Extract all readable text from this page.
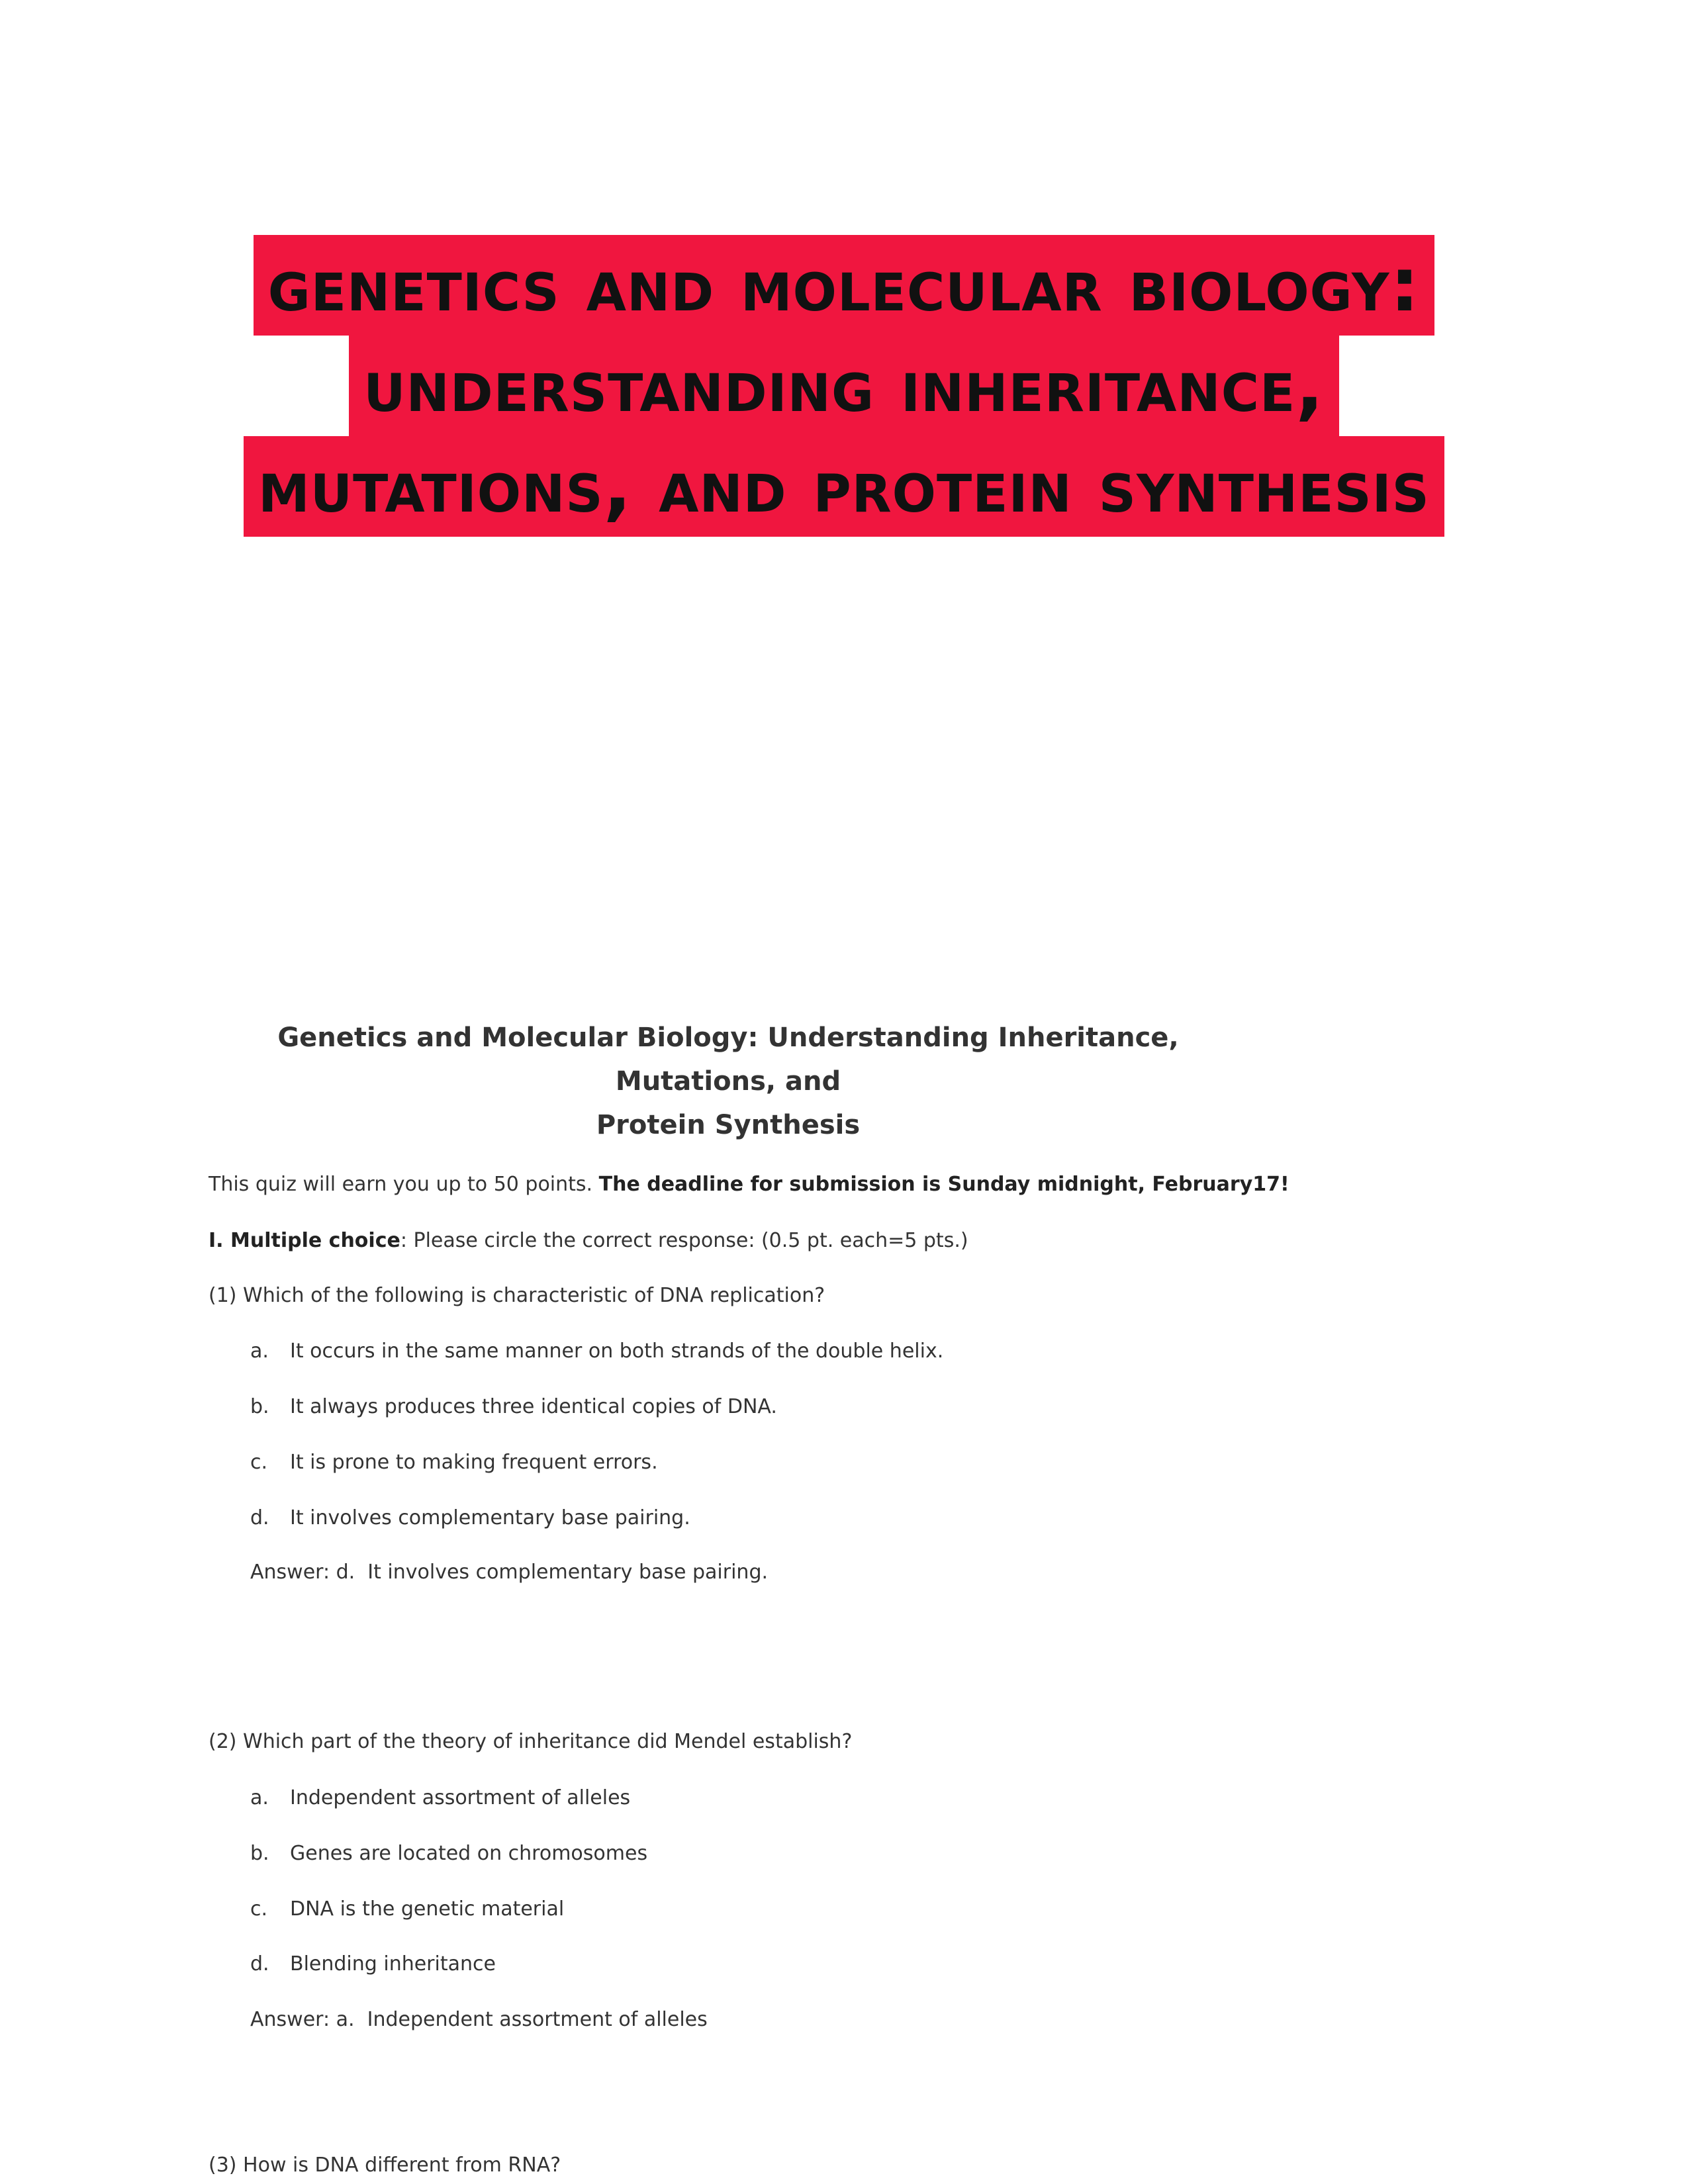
genetics and molecular biology:
understanding inheritance,
mutations, and protein synthesis
Genetics and Molecular Biology: Understanding Inheritance, Mutations, and
Protein Synthesis
This quiz will earn you up to 50 points. The deadline for submission is Sunday midnight, February17!
I. Multiple choice: Please circle the correct response: (0.5 pt. each=5 pts.)
(1) Which of the following is characteristic of DNA replication?
a. It occurs in the same manner on both strands of the double helix.
b. It always produces three identical copies of DNA.
c. It is prone to making frequent errors.
d. It involves complementary base pairing.
Answer: d.  It involves complementary base pairing.
(2) Which part of the theory of inheritance did Mendel establish?
a. Independent assortment of alleles
b. Genes are located on chromosomes
c. DNA is the genetic material
d. Blending inheritance
Answer: a.  Independent assortment of alleles
(3) How is DNA different from RNA?
